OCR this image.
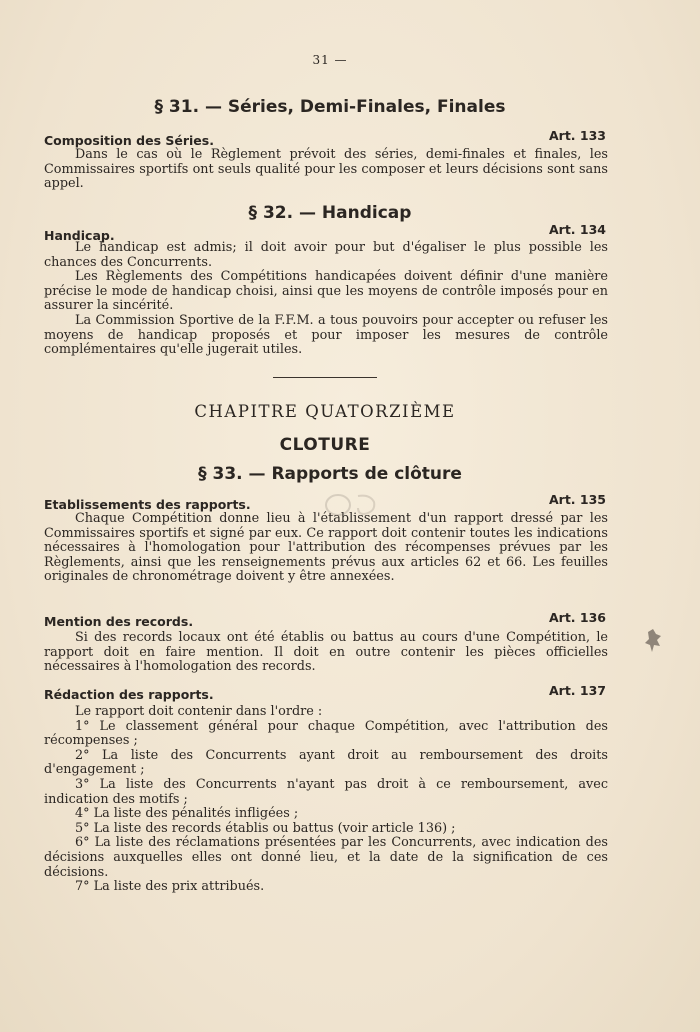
31 —
§ 31. — Séries, Demi-Finales, Finales
Composition des Séries.	Art. 133

Dans le cas où le Règlement prévoit des séries, demi-finales et finales, les Commissaires sportifs ont seuls qualité pour les composer et leurs décisions sont sans appel.

§ 32. — Handicap
Handicap.	Art. 134

Le handicap est admis; il doit avoir pour but d'égaliser le plus possible les chances des Concurrents.

Les Règlements des Compétitions handicapées doivent définir d'une manière précise le mode de handicap choisi, ainsi que les moyens de contrôle imposés pour en assurer la sincérité.

La Commission Sportive de la F.F.M. a tous pouvoirs pour accepter ou refuser les moyens de handicap proposés et pour imposer les mesures de contrôle complémentaires qu'elle jugerait utiles.

CHAPITRE QUATORZIÈME
CLOTURE
§ 33. — Rapports de clôture
Etablissements des rapports.	Art. 135

Chaque Compétition donne lieu à l'établissement d'un rapport dressé par les Commissaires sportifs et signé par eux. Ce rapport doit contenir toutes les indications nécessaires à l'homologation pour l'attribution des récompenses prévues par les Règlements, ainsi que les renseignements prévus aux articles 62 et 66. Les feuilles originales de chronométrage doivent y être annexées.

Mention des records.	Art. 136

Si des records locaux ont été établis ou battus au cours d'une Compétition, le rapport doit en faire mention. Il doit en outre contenir les pièces officielles nécessaires à l'homologation des records.

Rédaction des rapports.	Art. 137

Le rapport doit contenir dans l'ordre :

1° Le classement général pour chaque Compétition, avec l'attribution des récompenses ;

2° La liste des Concurrents ayant droit au remboursement des droits d'engagement ;

3° La liste des Concurrents n'ayant pas droit à ce remboursement, avec indication des motifs ;

4° La liste des pénalités infligées ;

5° La liste des records établis ou battus (voir article 136) ;

6° La liste des réclamations présentées par les Concurrents, avec indication des décisions auxquelles elles ont donné lieu, et la date de la signification de ces décisions.

7° La liste des prix attribués.
